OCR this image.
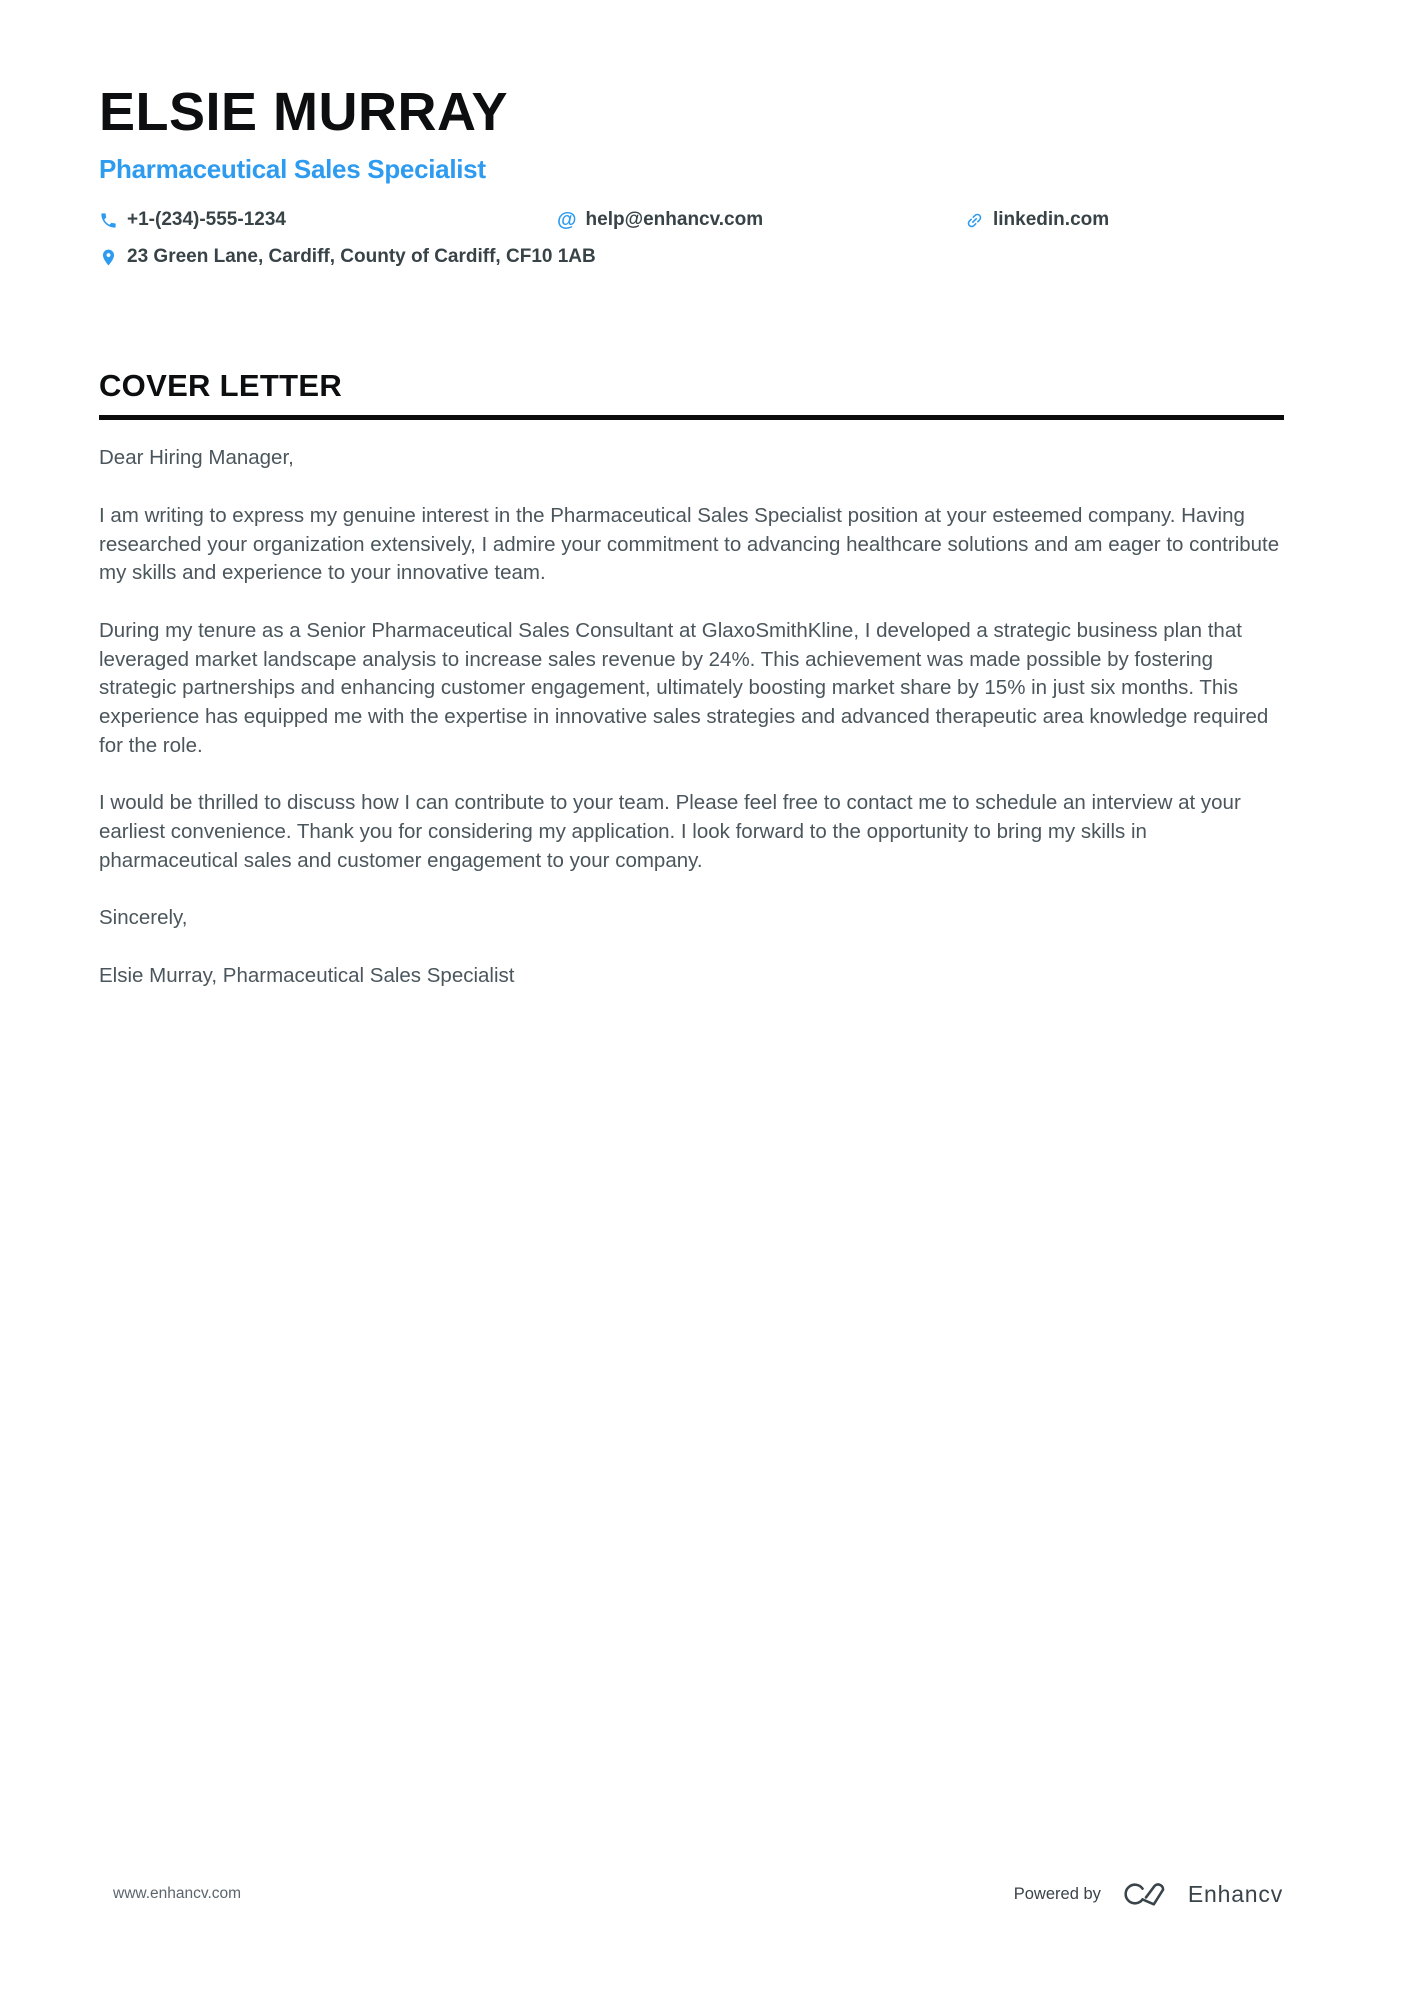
ELSIE MURRAY
Pharmaceutical Sales Specialist
+1-(234)-555-1234	@ help@enhancv.com	linkedin.com
23 Green Lane, Cardiff, County of Cardiff, CF10 1AB
COVER LETTER

Dear Hiring Manager,

I am writing to express my genuine interest in the Pharmaceutical Sales Specialist position at your esteemed company. Having researched your organization extensively, I admire your commitment to advancing healthcare solutions and am eager to contribute my skills and experience to your innovative team.

During my tenure as a Senior Pharmaceutical Sales Consultant at GlaxoSmithKline, I developed a strategic business plan that leveraged market landscape analysis to increase sales revenue by 24%. This achievement was made possible by fostering strategic partnerships and enhancing customer engagement, ultimately boosting market share by 15% in just six months. This experience has equipped me with the expertise in innovative sales strategies and advanced therapeutic area knowledge required for the role.

I would be thrilled to discuss how I can contribute to your team. Please feel free to contact me to schedule an interview at your earliest convenience. Thank you for considering my application. I look forward to the opportunity to bring my skills in pharmaceutical sales and customer engagement to your company.

Sincerely,

Elsie Murray, Pharmaceutical Sales Specialist

www.enhancv.com	Powered by	Enhancv
